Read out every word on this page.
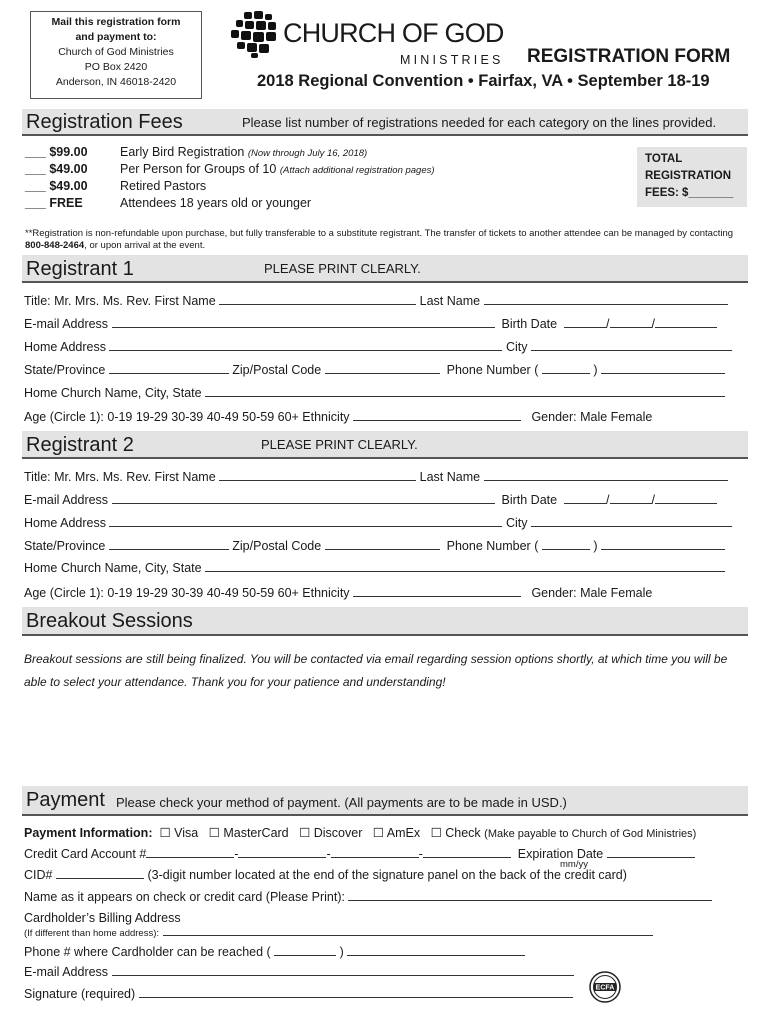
Mail this registration form
and payment to:
Church of God Ministries
PO Box 2420
Anderson, IN 46018-2420
CHURCH OF GOD
MINISTRIES REGISTRATION FORM
2018 Regional Convention • Fairfax, VA • September 18-19
Registration Fees	Please list number of registrations needed for each category on the lines provided.
___ $99.00	Early Bird Registration (Now through July 16, 2018)
___ $49.00	Per Person for Groups of 10 (Attach additional registration pages)
___ $49.00	Retired Pastors
___ FREE	Attendees 18 years old or younger
TOTAL
REGISTRATION
FEES: $_______
**Registration is non-refundable upon purchase, but fully transferable to a substitute registrant. The transfer of tickets to another attendee can be managed by contacting 800-848-2464, or upon arrival at the event.
Registrant 1	PLEASE PRINT CLEARLY.
Title: Mr. Mrs. Ms. Rev. First Name	Last Name
E-mail Address	Birth Date	/	/
Home Address	City
State/Province	Zip/Postal Code	Phone Number (	)
Home Church Name, City, State
Age (Circle 1): 0-19 19-29 30-39 40-49 50-59 60+ Ethnicity	Gender: Male Female
Registrant 2	PLEASE PRINT CLEARLY.
Title: Mr. Mrs. Ms. Rev. First Name	Last Name
E-mail Address	Birth Date	/	/
Home Address	City
State/Province	Zip/Postal Code	Phone Number (	)
Home Church Name, City, State
Age (Circle 1): 0-19 19-29 30-39 40-49 50-59 60+ Ethnicity	Gender: Male Female
Breakout Sessions
Breakout sessions are still being finalized. You will be contacted via email regarding session options shortly, at which time you will be able to select your attendance. Thank you for your patience and understanding!
Payment Please check your method of payment. (All payments are to be made in USD.)
Payment Information: ☐ Visa ☐ MasterCard ☐ Discover ☐ AmEx ☐ Check (Make payable to Church of God Ministries)
Credit Card Account #	-	-	-	Expiration Date
mm/yy
CID#	(3-digit number located at the end of the signature panel on the back of the credit card)
Name as it appears on check or credit card (Please Print):
Cardholder’s Billing Address
(If different than home address):
Phone # where Cardholder can be reached (	)
E-mail Address
Signature (required)	ECFA
